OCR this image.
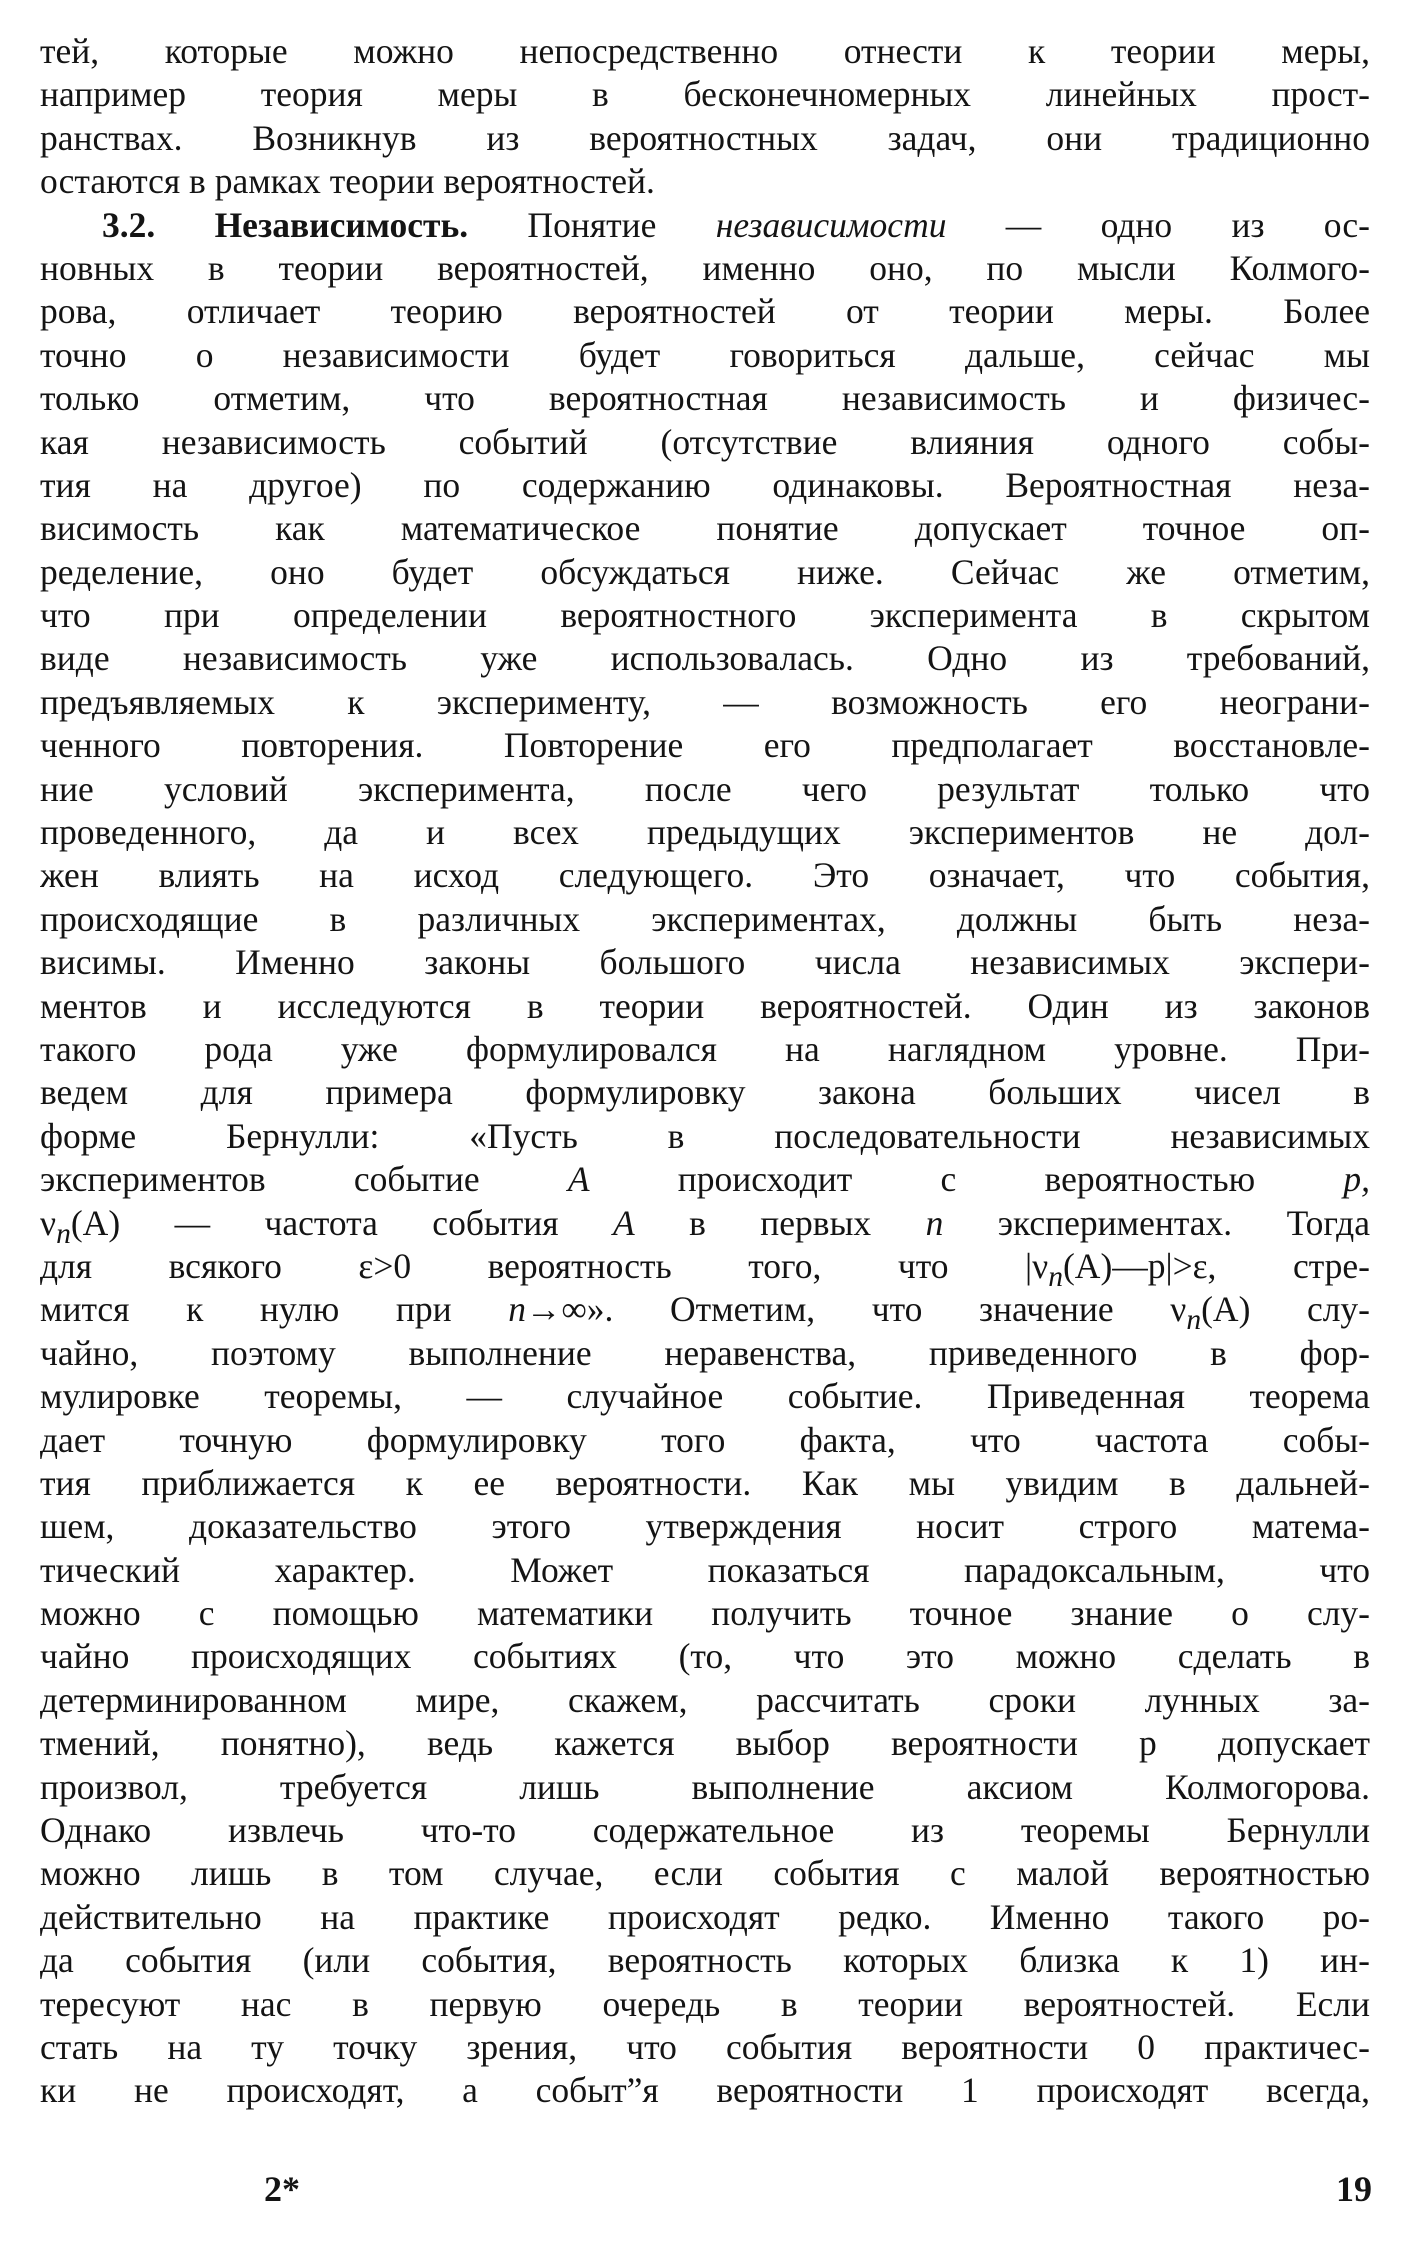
тей, которые можно непосредственно отнести к теории меры,
например теория меры в бесконечномерных линейных прост-
ранствах. Возникнув из вероятностных задач, они традиционно
остаются в рамках теории вероятностей.
3.2. Независимость. Понятие независимости — одно из ос-
новных в теории вероятностей, именно оно, по мысли Колмого-
рова, отличает теорию вероятностей от теории меры. Более
точно о независимости будет говориться дальше, сейчас мы
только отметим, что вероятностная независимость и физичес-
кая независимость событий (отсутствие влияния одного собы-
тия на другое) по содержанию одинаковы. Вероятностная неза-
висимость как математическое понятие допускает точное оп-
ределение, оно будет обсуждаться ниже. Сейчас же отметим,
что при определении вероятностного эксперимента в скрытом
виде независимость уже использовалась. Одно из требований,
предъявляемых к эксперименту, — возможность его неограни-
ченного повторения. Повторение его предполагает восстановле-
ние условий эксперимента, после чего результат только что
проведенного, да и всех предыдущих экспериментов не дол-
жен влиять на исход следующего. Это означает, что события,
происходящие в различных экспериментах, должны быть неза-
висимы. Именно законы большого числа независимых экспери-
ментов и исследуются в теории вероятностей. Один из законов
такого рода уже формулировался на наглядном уровне. При-
ведем для примера формулировку закона больших чисел в
форме Бернулли: «Пусть в последовательности независимых
экспериментов событие A происходит с вероятностью p,
$\nu_n(A)$ — частота события A в первых n экспериментах. Тогда
для всякого ε>0 вероятность того, что $|\nu_n(A)—p|>\varepsilon$, стре-
мится к нулю при n→∞». Отметим, что значение $\nu_n(A)$ слу-
чайно, поэтому выполнение неравенства, приведенного в фор-
мулировке теоремы, — случайное событие. Приведенная теорема
дает точную формулировку того факта, что частота собы-
тия приближается к ее вероятности. Как мы увидим в дальней-
шем, доказательство этого утверждения носит строго матема-
тический характер. Может показаться парадоксальным, что
можно с помощью математики получить точное знание о слу-
чайно происходящих событиях (то, что это можно сделать в
детерминированном мире, скажем, рассчитать сроки лунных за-
тмений, понятно), ведь кажется выбор вероятности p допускает
произвол, требуется лишь выполнение аксиом Колмогорова.
Однако извлечь что-то содержательное из теоремы Бернулли
можно лишь в том случае, если события с малой вероятностью
действительно на практике происходят редко. Именно такого ро-
да события (или события, вероятность которых близка к 1) ин-
тересуют нас в первую очередь в теории вероятностей. Если
стать на ту точку зрения, что события вероятности 0 практичес-
ки не происходят, а событ”я вероятности 1 происходят всегда,
2*	19
